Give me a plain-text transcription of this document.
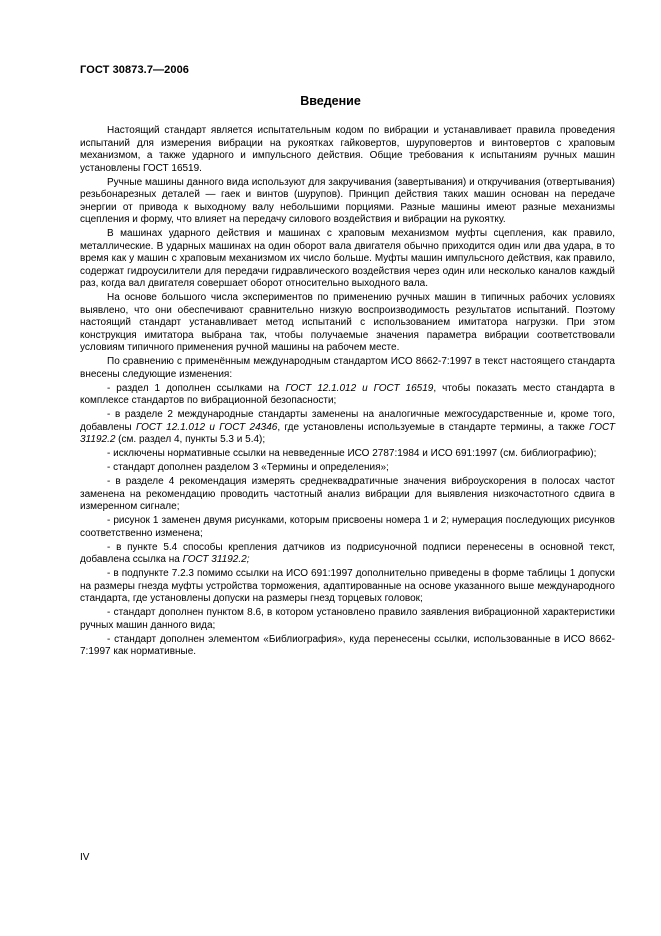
ГОСТ 30873.7—2006
Введение

Настоящий стандарт является испытательным кодом по вибрации и устанавливает правила проведения испытаний для измерения вибрации на рукоятках гайковертов, шуруповертов и винтовертов с храповым механизмом, а также ударного и импульсного действия. Общие требования к испытаниям ручных машин установлены ГОСТ 16519.

Ручные машины данного вида используют для закручивания (завертывания) и откручивания (отвертывания) резьбонарезных деталей — гаек и винтов (шурупов). Принцип действия таких машин основан на передаче энергии от привода к выходному валу небольшими порциями. Разные машины имеют разные механизмы сцепления и форму, что влияет на передачу силового воздействия и вибрации на рукоятку.

В машинах ударного действия и машинах с храповым механизмом муфты сцепления, как правило, металлические. В ударных машинах на один оборот вала двигателя обычно приходится один или два удара, в то время как у машин с храповым механизмом их число больше. Муфты машин импульсного действия, как правило, содержат гидроусилители для передачи гидравлического воздействия через один или несколько каналов каждый раз, когда вал двигателя совершает оборот относительно выходного вала.

На основе большого числа экспериментов по применению ручных машин в типичных рабочих условиях выявлено, что они обеспечивают сравнительно низкую воспроизводимость результатов испытаний. Поэтому настоящий стандарт устанавливает метод испытаний с использованием имитатора нагрузки. При этом конструкция имитатора выбрана так, чтобы получаемые значения параметра вибрации соответствовали условиям типичного применения ручной машины на рабочем месте.

По сравнению с применённым международным стандартом ИСО 8662-7:1997 в текст настоящего стандарта внесены следующие изменения:

- раздел 1 дополнен ссылками на ГОСТ 12.1.012 и ГОСТ 16519, чтобы показать место стандарта в комплексе стандартов по вибрационной безопасности;

- в разделе 2 международные стандарты заменены на аналогичные межгосударственные и, кроме того, добавлены ГОСТ 12.1.012 и ГОСТ 24346, где установлены используемые в стандарте термины, а также ГОСТ 31192.2 (см. раздел 4, пункты 5.3 и 5.4);

- исключены нормативные ссылки на невведенные ИСО 2787:1984 и ИСО 691:1997 (см. библиографию);

- стандарт дополнен разделом 3 «Термины и определения»;

- в разделе 4 рекомендация измерять среднеквадратичные значения виброускорения в полосах частот заменена на рекомендацию проводить частотный анализ вибрации для выявления низкочастотного сдвига в измеренном сигнале;

- рисунок 1 заменен двумя рисунками, которым присвоены номера 1 и 2; нумерация последующих рисунков соответственно изменена;

- в пункте 5.4 способы крепления датчиков из подрисуночной подписи перенесены в основной текст, добавлена ссылка на ГОСТ 31192.2;

- в подпункте 7.2.3 помимо ссылки на ИСО 691:1997 дополнительно приведены в форме таблицы 1 допуски на размеры гнезда муфты устройства торможения, адаптированные на основе указанного выше международного стандарта, где установлены допуски на размеры гнезд торцевых головок;

- стандарт дополнен пунктом 8.6, в котором установлено правило заявления вибрационной характеристики ручных машин данного вида;

- стандарт дополнен элементом «Библиография», куда перенесены ссылки, использованные в ИСО 8662-7:1997 как нормативные.

IV
